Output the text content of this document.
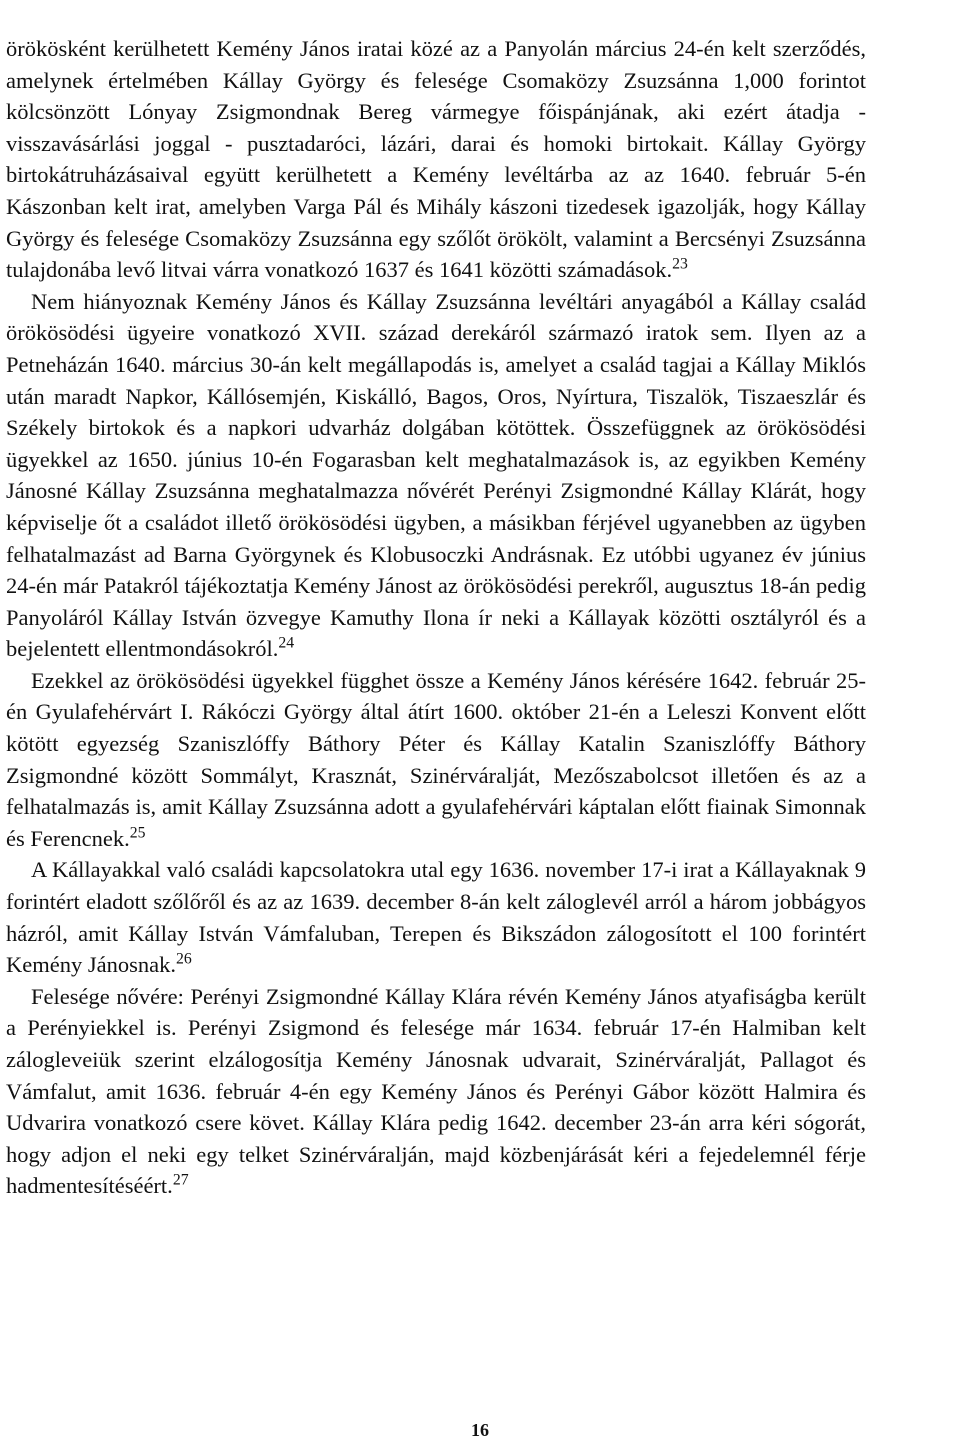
örökösként kerülhetett Kemény János iratai közé az a Panyolán március 24-én kelt szerződés, amelynek értelmében Kállay György és felesége Csomaközy Zsuzsánna 1,000 forintot kölcsönzött Lónyay Zsigmondnak Bereg vármegye főispánjának, aki ezért átadja - visszavásárlási joggal - pusztadaróci, lázári, darai és homoki birtokait. Kállay György birtokátruházásaival együtt kerülhetett a Kemény levéltárba az az 1640. február 5-én Kászonban kelt irat, amelyben Varga Pál és Mihály kászoni tizedesek igazolják, hogy Kállay György és felesége Csomaközy Zsuzsánna egy szőlőt örökölt, valamint a Bercsényi Zsuzsánna tulajdonába levő litvai várra vonatkozó 1637 és 1641 közötti számadások.$^{23}$

Nem hiányoznak Kemény János és Kállay Zsuzsánna levéltári anyagából a Kállay család örökösödési ügyeire vonatkozó XVII. század derekáról származó iratok sem. Ilyen az a Petneházán 1640. március 30-án kelt megállapodás is, amelyet a család tagjai a Kállay Miklós után maradt Napkor, Kállósemjén, Kiskálló, Bagos, Oros, Nyírtura, Tiszalök, Tiszaeszlár és Székely birtokok és a napkori udvarház dolgában kötöttek. Összefüggnek az örökösödési ügyekkel az 1650. június 10-én Fogarasban kelt meghatalmazások is, az egyikben Kemény Jánosné Kállay Zsuzsánna meghatalmazza nővérét Perényi Zsigmondné Kállay Klárát, hogy képviselje őt a családot illető örökösödési ügyben, a másikban férjével ugyanebben az ügyben felhatalmazást ad Barna Györgynek és Klobusoczki Andrásnak. Ez utóbbi ugyanez év június 24-én már Patakról tájékoztatja Kemény Jánost az örökösödési perekről, augusztus 18-án pedig Panyoláról Kállay István özvegye Kamuthy Ilona ír neki a Kállayak közötti osztályról és a bejelentett ellentmondásokról.$^{24}$

Ezekkel az örökösödési ügyekkel függhet össze a Kemény János kérésére 1642. február 25-én Gyulafehérvárt I. Rákóczi György által átírt 1600. október 21-én a Leleszi Konvent előtt kötött egyezség Szaniszlóffy Báthory Péter és Kállay Katalin Szaniszlóffy Báthory Zsigmondné között Sommályt, Krasznát, Szinérváralját, Mezőszabolcsot illetően és az a felhatalmazás is, amit Kállay Zsuzsánna adott a gyulafehérvári káptalan előtt fiainak Simonnak és Ferencnek.$^{25}$

A Kállayakkal való családi kapcsolatokra utal egy 1636. november 17-i irat a Kállayaknak 9 forintért eladott szőlőről és az az 1639. december 8-án kelt záloglevél arról a három jobbágyos házról, amit Kállay István Vámfaluban, Terepen és Bikszádon zálogosított el 100 forintért Kemény Jánosnak.$^{26}$

Felesége nővére: Perényi Zsigmondné Kállay Klára révén Kemény János atyafiságba került a Perényiekkel is. Perényi Zsigmond és felesége már 1634. február 17-én Halmiban kelt zálogleveiük szerint elzálogosítja Kemény Jánosnak udvarait, Szinérváralját, Pallagot és Vámfalut, amit 1636. február 4-én egy Kemény János és Perényi Gábor között Halmira és Udvarira vonatkozó csere követ. Kállay Klára pedig 1642. december 23-án arra kéri sógorát, hogy adjon el neki egy telket Szinérváralján, majd közbenjárását kéri a fejedelemnél férje hadmentesítéséért.$^{27}$

16
